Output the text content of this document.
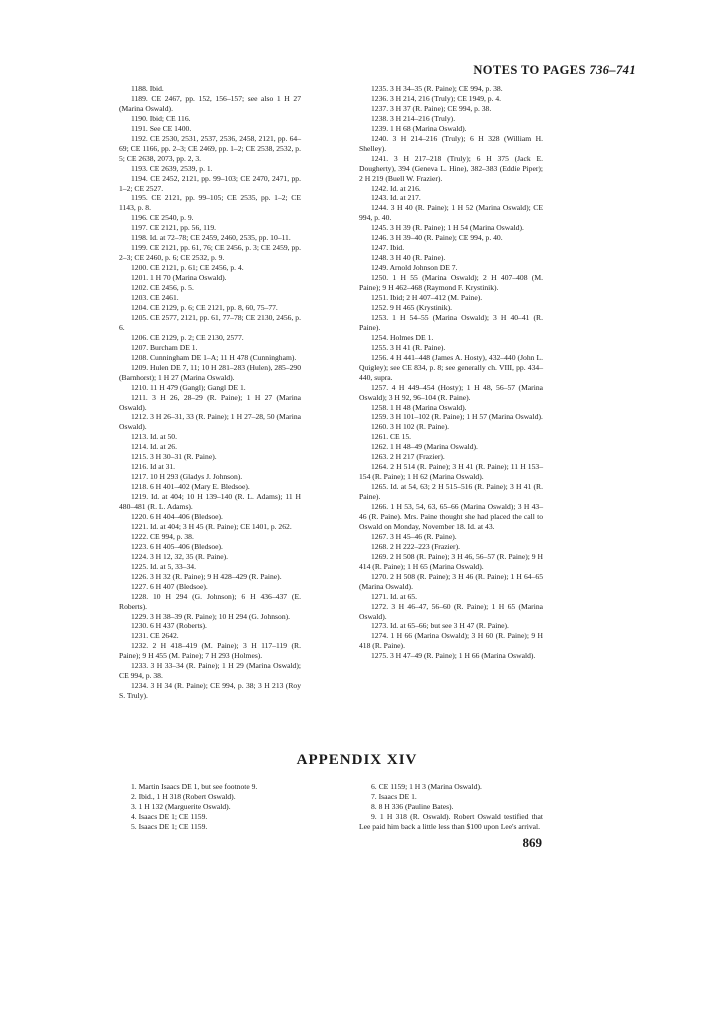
NOTES TO PAGES 736–741

1188. Ibid.

1189. CE 2467, pp. 152, 156–157; see also 1 H 27 (Marina Oswald).

1190. Ibid; CE 116.

1191. See CE 1400.

1192. CE 2530, 2531, 2537, 2536, 2458, 2121, pp. 64–69; CE 1166, pp. 2–3; CE 2469, pp. 1–2; CE 2538, 2532, p. 5; CE 2638, 2073, pp. 2, 3.

1193. CE 2639, 2539, p. 1.

1194. CE 2452, 2121, pp. 99–103; CE 2470, 2471, pp. 1–2; CE 2527.

1195. CE 2121, pp. 99–105; CE 2535, pp. 1–2; CE 1143, p. 8.

1196. CE 2540, p. 9.

1197. CE 2121, pp. 56, 119.

1198. Id. at 72–78; CE 2459, 2460, 2535, pp. 10–11.

1199. CE 2121, pp. 61, 76; CE 2456, p. 3; CE 2459, pp. 2–3; CE 2460, p. 6; CE 2532, p. 9.

1200. CE 2121, p. 61; CE 2456, p. 4.

1201. 1 H 70 (Marina Oswald).

1202. CE 2456, p. 5.

1203. CE 2461.

1204. CE 2129, p. 6; CE 2121, pp. 8, 60, 75–77.

1205. CE 2577, 2121, pp. 61, 77–78; CE 2130, 2456, p. 6.

1206. CE 2129, p. 2; CE 2130, 2577.

1207. Burcham DE 1.

1208. Cunningham DE 1–A; 11 H 478 (Cunningham).

1209. Hulen DE 7, 11; 10 H 281–283 (Hulen), 285–290 (Barnhorst); 1 H 27 (Marina Oswald).

1210. 11 H 479 (Gangl); Gangl DE 1.

1211. 3 H 26, 28–29 (R. Paine); 1 H 27 (Marina Oswald).

1212. 3 H 26–31, 33 (R. Paine); 1 H 27–28, 50 (Marina Oswald).

1213. Id. at 50.

1214. Id. at 26.

1215. 3 H 30–31 (R. Paine).

1216. Id at 31.

1217. 10 H 293 (Gladys J. Johnson).

1218. 6 H 401–402 (Mary E. Bledsoe).

1219. Id. at 404; 10 H 139–140 (R. L. Adams); 11 H 480–481 (R. L. Adams).

1220. 6 H 404–406 (Bledsoe).

1221. Id. at 404; 3 H 45 (R. Paine); CE 1401, p. 262.

1222. CE 994, p. 38.

1223. 6 H 405–406 (Bledsoe).

1224. 3 H 12, 32, 35 (R. Paine).

1225. Id. at 5, 33–34.

1226. 3 H 32 (R. Paine); 9 H 428–429 (R. Paine).

1227. 6 H 407 (Bledsoe).

1228. 10 H 294 (G. Johnson); 6 H 436–437 (E. Roberts).

1229. 3 H 38–39 (R. Paine); 10 H 294 (G. Johnson).

1230. 6 H 437 (Roberts).

1231. CE 2642.

1232. 2 H 418–419 (M. Paine); 3 H 117–119 (R. Paine); 9 H 455 (M. Paine); 7 H 293 (Holmes).

1233. 3 H 33–34 (R. Paine); 1 H 29 (Marina Oswald); CE 994, p. 38.

1234. 3 H 34 (R. Paine); CE 994, p. 38; 3 H 213 (Roy S. Truly).

1235. 3 H 34–35 (R. Paine); CE 994, p. 38.

1236. 3 H 214, 216 (Truly); CE 1949, p. 4.

1237. 3 H 37 (R. Paine); CE 994, p. 38.

1238. 3 H 214–216 (Truly).

1239. 1 H 68 (Marina Oswald).

1240. 3 H 214–216 (Truly); 6 H 328 (William H. Shelley).

1241. 3 H 217–218 (Truly); 6 H 375 (Jack E. Dougherty), 394 (Geneva L. Hine), 382–383 (Eddie Piper); 2 H 219 (Buell W. Frazier).

1242. Id. at 216.

1243. Id. at 217.

1244. 3 H 40 (R. Paine); 1 H 52 (Marina Oswald); CE 994, p. 40.

1245. 3 H 39 (R. Paine); 1 H 54 (Marina Oswald).

1246. 3 H 39–40 (R. Paine); CE 994, p. 40.

1247. Ibid.

1248. 3 H 40 (R. Paine).

1249. Arnold Johnson DE 7.

1250. 1 H 55 (Marina Oswald); 2 H 407–408 (M. Paine); 9 H 462–468 (Raymond F. Krystinik).

1251. Ibid; 2 H 407–412 (M. Paine).

1252. 9 H 465 (Krystinik).

1253. 1 H 54–55 (Marina Oswald); 3 H 40–41 (R. Paine).

1254. Holmes DE 1.

1255. 3 H 41 (R. Paine).

1256. 4 H 441–448 (James A. Hosty), 432–440 (John L. Quigley); see CE 834, p. 8; see generally ch. VIII, pp. 434–440, supra.

1257. 4 H 449–454 (Hosty); 1 H 48, 56–57 (Marina Oswald); 3 H 92, 96–104 (R. Paine).

1258. 1 H 48 (Marina Oswald).

1259. 3 H 101–102 (R. Paine); 1 H 57 (Marina Oswald).

1260. 3 H 102 (R. Paine).

1261. CE 15.

1262. 1 H 48–49 (Marina Oswald).

1263. 2 H 217 (Frazier).

1264. 2 H 514 (R. Paine); 3 H 41 (R. Paine); 11 H 153–154 (R. Paine); 1 H 62 (Marina Oswald).

1265. Id. at 54, 63; 2 H 515–516 (R. Paine); 3 H 41 (R. Paine).

1266. 1 H 53, 54, 63, 65–66 (Marina Oswald); 3 H 43–46 (R. Paine). Mrs. Paine thought she had placed the call to Oswald on Monday, November 18. Id. at 43.

1267. 3 H 45–46 (R. Paine).

1268. 2 H 222–223 (Frazier).

1269. 2 H 508 (R. Paine); 3 H 46, 56–57 (R. Paine); 9 H 414 (R. Paine); 1 H 65 (Marina Oswald).

1270. 2 H 508 (R. Paine); 3 H 46 (R. Paine); 1 H 64–65 (Marina Oswald).

1271. Id. at 65.

1272. 3 H 46–47, 56–60 (R. Paine); 1 H 65 (Marina Oswald).

1273. Id. at 65–66; but see 3 H 47 (R. Paine).

1274. 1 H 66 (Marina Oswald); 3 H 60 (R. Paine); 9 H 418 (R. Paine).

1275. 3 H 47–49 (R. Paine); 1 H 66 (Marina Oswald).

APPENDIX XIV

1. Martin Isaacs DE 1, but see footnote 9.

2. Ibid., 1 H 318 (Robert Oswald).

3. 1 H 132 (Marguerite Oswald).

4. Isaacs DE 1; CE 1159.

5. Isaacs DE 1; CE 1159.

6. CE 1159; 1 H 3 (Marina Oswald).

7. Isaacs DE 1.

8. 8 H 336 (Pauline Bates).

9. 1 H 318 (R. Oswald). Robert Oswald testified that Lee paid him back a little less than $100 upon Lee's arrival.

869
